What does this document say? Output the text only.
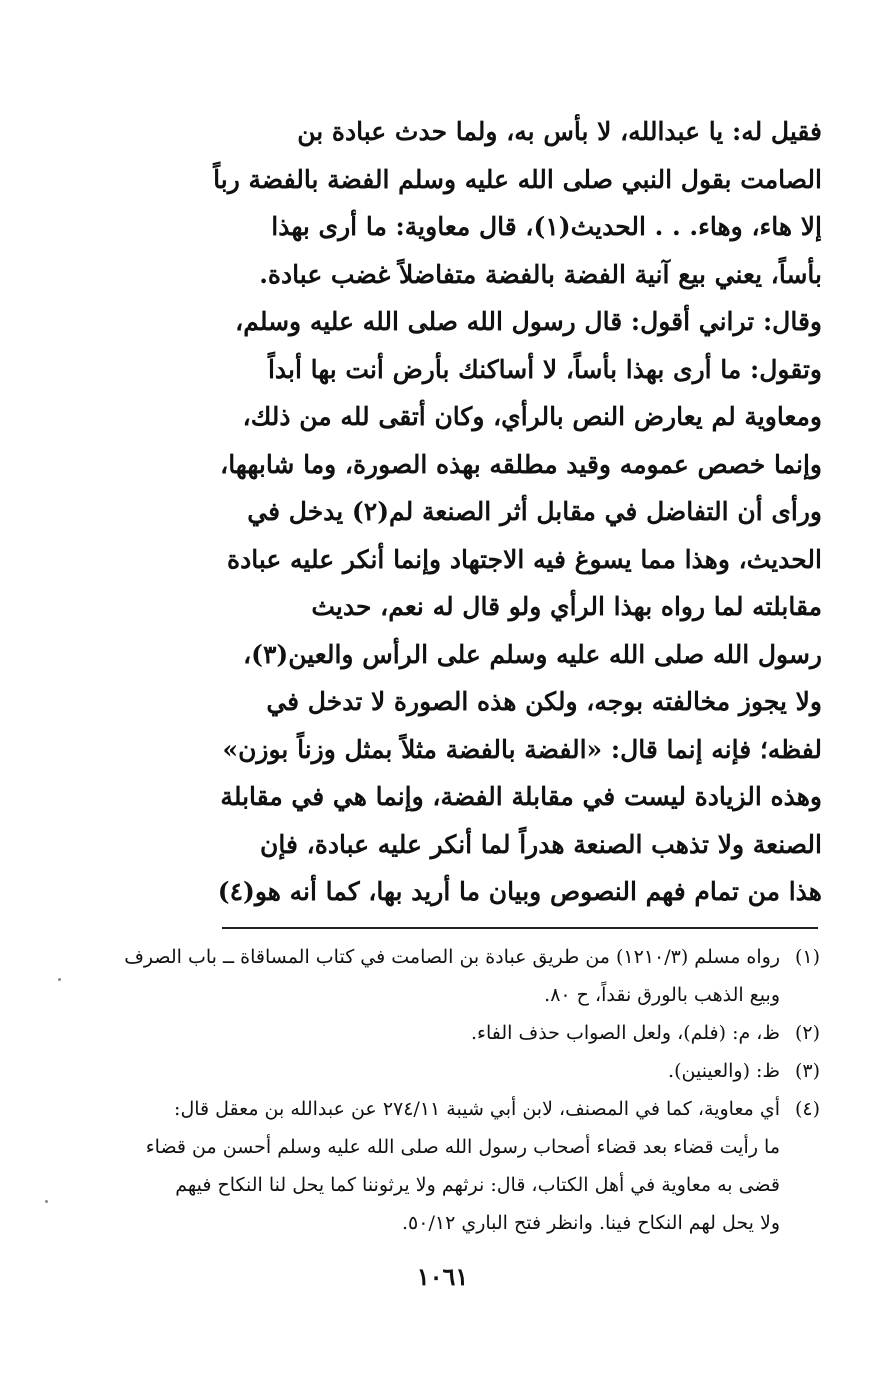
فقيل له: يا عبدالله، لا بأس به، ولما حدث عبادة بن
الصامت بقول النبي صلى الله عليه وسلم الفضة بالفضة رباً
إلا هاء، وهاء. . . الحديث(١)، قال معاوية: ما أرى بهذا
بأساً، يعني بيع آنية الفضة بالفضة متفاضلاً غضب عبادة.
وقال: تراني أقول: قال رسول الله صلى الله عليه وسلم،
وتقول: ما أرى بهذا بأساً، لا أساكنك بأرض أنت بها أبداً
ومعاوية لم يعارض النص بالرأي، وكان أتقى لله من ذلك،
وإنما خصص عمومه وقيد مطلقه بهذه الصورة، وما شابهها،
ورأى أن التفاضل في مقابل أثر الصنعة لم(٢) يدخل في
الحديث، وهذا مما يسوغ فيه الاجتهاد وإنما أنكر عليه عبادة
مقابلته لما رواه بهذا الرأي ولو قال له نعم، حديث
رسول الله صلى الله عليه وسلم على الرأس والعين(٣)،
ولا يجوز مخالفته بوجه، ولكن هذه الصورة لا تدخل في
لفظه؛ فإنه إنما قال: «الفضة بالفضة مثلاً بمثل وزناً بوزن»
وهذه الزيادة ليست في مقابلة الفضة، وإنما هي في مقابلة
الصنعة ولا تذهب الصنعة هدراً لما أنكر عليه عبادة، فإن
هذا من تمام فهم النصوص وبيان ما أريد بها، كما أنه هو(٤)
(١)
رواه مسلم (١٢١٠/٣) من طريق عبادة بن الصامت في كتاب المساقاة ــ باب الصرف
وبيع الذهب بالورق نقداً، ح ٨٠.
(٢)
ظ، م: (فلم)، ولعل الصواب حذف الفاء.
(٣)
ظ: (والعينين).
(٤)
أي معاوية، كما في المصنف، لابن أبي شيبة ٢٧٤/١١ عن عبدالله بن معقل قال:
ما رأيت قضاء بعد قضاء أصحاب رسول الله صلى الله عليه وسلم أحسن من قضاء
قضى به معاوية في أهل الكتاب، قال: نرثهم ولا يرثوننا كما يحل لنا النكاح فيهم
ولا يحل لهم النكاح فينا. وانظر فتح الباري ٥٠/١٢.
١٠٦١
